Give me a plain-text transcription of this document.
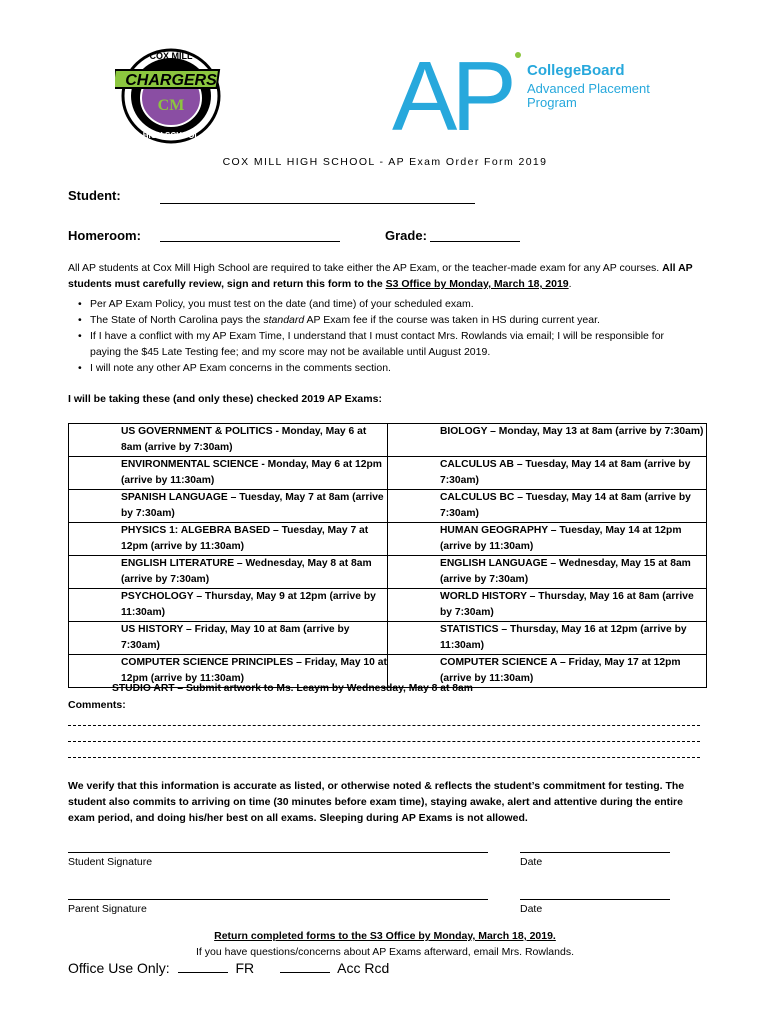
COX MILL
CHARGERS
CM
HIGH SCHOOL AP CollegeBoard
Advanced Placement
Program
COX MILL HIGH SCHOOL - AP Exam Order Form 2019
Student:
Homeroom:	Grade:
All AP students at Cox Mill High School are required to take either the AP Exam, or the teacher-made exam for any AP courses. All AP students must carefully review, sign and return this form to the S3 Office by Monday, March 18, 2019.
• Per AP Exam Policy, you must test on the date (and time) of your scheduled exam.
• The State of North Carolina pays the standard AP Exam fee if the course was taken in HS during current year.
• If I have a conflict with my AP Exam Time, I understand that I must contact Mrs. Rowlands via email; I will be responsible for paying the $45 Late Testing fee; and my score may not be available until August 2019.
• I will note any other AP Exam concerns in the comments section.
I will be taking these (and only these) checked 2019 AP Exams:
US GOVERNMENT & POLITICS - Monday, May 6 at 8am (arrive by 7:30am)	BIOLOGY – Monday, May 13 at 8am (arrive by 7:30am)

ENVIRONMENTAL SCIENCE - Monday, May 6 at 12pm (arrive by 11:30am)	CALCULUS AB – Tuesday, May 14 at 8am (arrive by 7:30am)

SPANISH LANGUAGE – Tuesday, May 7 at 8am (arrive by 7:30am)	CALCULUS BC – Tuesday, May 14 at 8am (arrive by 7:30am)

PHYSICS 1: ALGEBRA BASED – Tuesday, May 7 at 12pm (arrive by 11:30am)	HUMAN GEOGRAPHY – Tuesday, May 14 at 12pm (arrive by 11:30am)

ENGLISH LITERATURE – Wednesday, May 8 at 8am (arrive by 7:30am)	ENGLISH LANGUAGE – Wednesday, May 15 at 8am (arrive by 7:30am)

PSYCHOLOGY – Thursday, May 9 at 12pm (arrive by 11:30am)	WORLD HISTORY – Thursday, May 16 at 8am (arrive by 7:30am)

US HISTORY – Friday, May 10 at 8am (arrive by 7:30am)	STATISTICS – Thursday, May 16 at 12pm (arrive by 11:30am)

COMPUTER SCIENCE PRINCIPLES – Friday, May 10 at 12pm (arrive by 11:30am)	COMPUTER SCIENCE A – Friday, May 17 at 12pm (arrive by 11:30am)
STUDIO ART – Submit artwork to Ms. Leaym by Wednesday, May 8 at 8am
Comments:
We verify that this information is accurate as listed, or otherwise noted & reflects the student’s commitment for testing. The student also commits to arriving on time (30 minutes before exam time), staying awake, alert and attentive during the entire exam period, and doing his/her best on all exams. Sleeping during AP Exams is not allowed.
Student Signature	Date
Parent Signature	Date
Return completed forms to the S3 Office by Monday, March 18, 2019.
If you have questions/concerns about AP Exams afterward, email Mrs. Rowlands.
Office Use Only:	FR	Acc Rcd
